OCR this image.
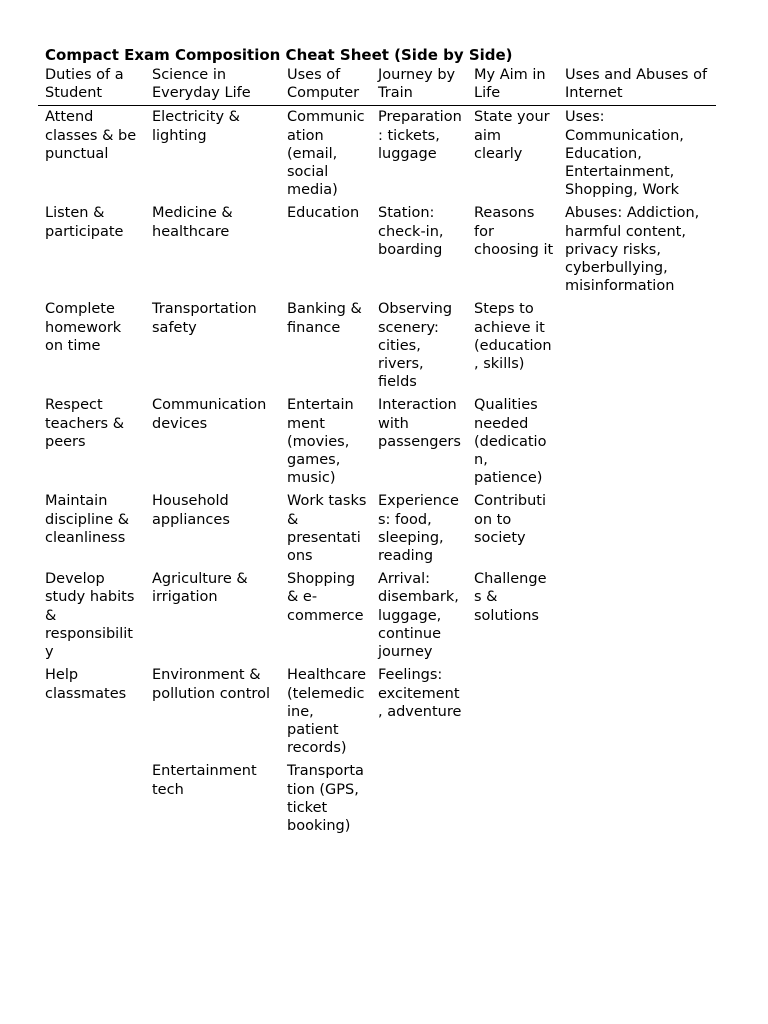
Compact Exam Composition Cheat Sheet (Side by Side)
Duties of a Student	Science in Everyday Life	Uses of Computer	Journey by Train	My Aim in Life	Uses and Abuses of Internet
Attend classes & be punctual	Electricity & lighting	Communication (email, social media)	Preparation: tickets, luggage	State your aim clearly	Uses: Communication, Education, Entertainment, Shopping, Work
Listen & participate	Medicine & healthcare	Education	Station: check-in, boarding	Reasons for choosing it	Abuses: Addiction, harmful content, privacy risks, cyberbullying, misinformation
Complete homework on time	Transportation safety	Banking & finance	Observing scenery: cities, rivers, fields	Steps to achieve it (education, skills)	
Respect teachers & peers	Communication devices	Entertainment (movies, games, music)	Interaction with passengers	Qualities needed (dedication, patience)	
Maintain discipline & cleanliness	Household appliances	Work tasks & presentations	Experiences: food, sleeping, reading	Contribution to society	
Develop study habits & responsibility	Agriculture & irrigation	Shopping & e-commerce	Arrival: disembark, luggage, continue journey	Challenges & solutions	
Help classmates	Environment & pollution control	Healthcare (telemedicine, patient records)	Feelings: excitement, adventure		
	Entertainment tech	Transportation (GPS, ticket booking)			
